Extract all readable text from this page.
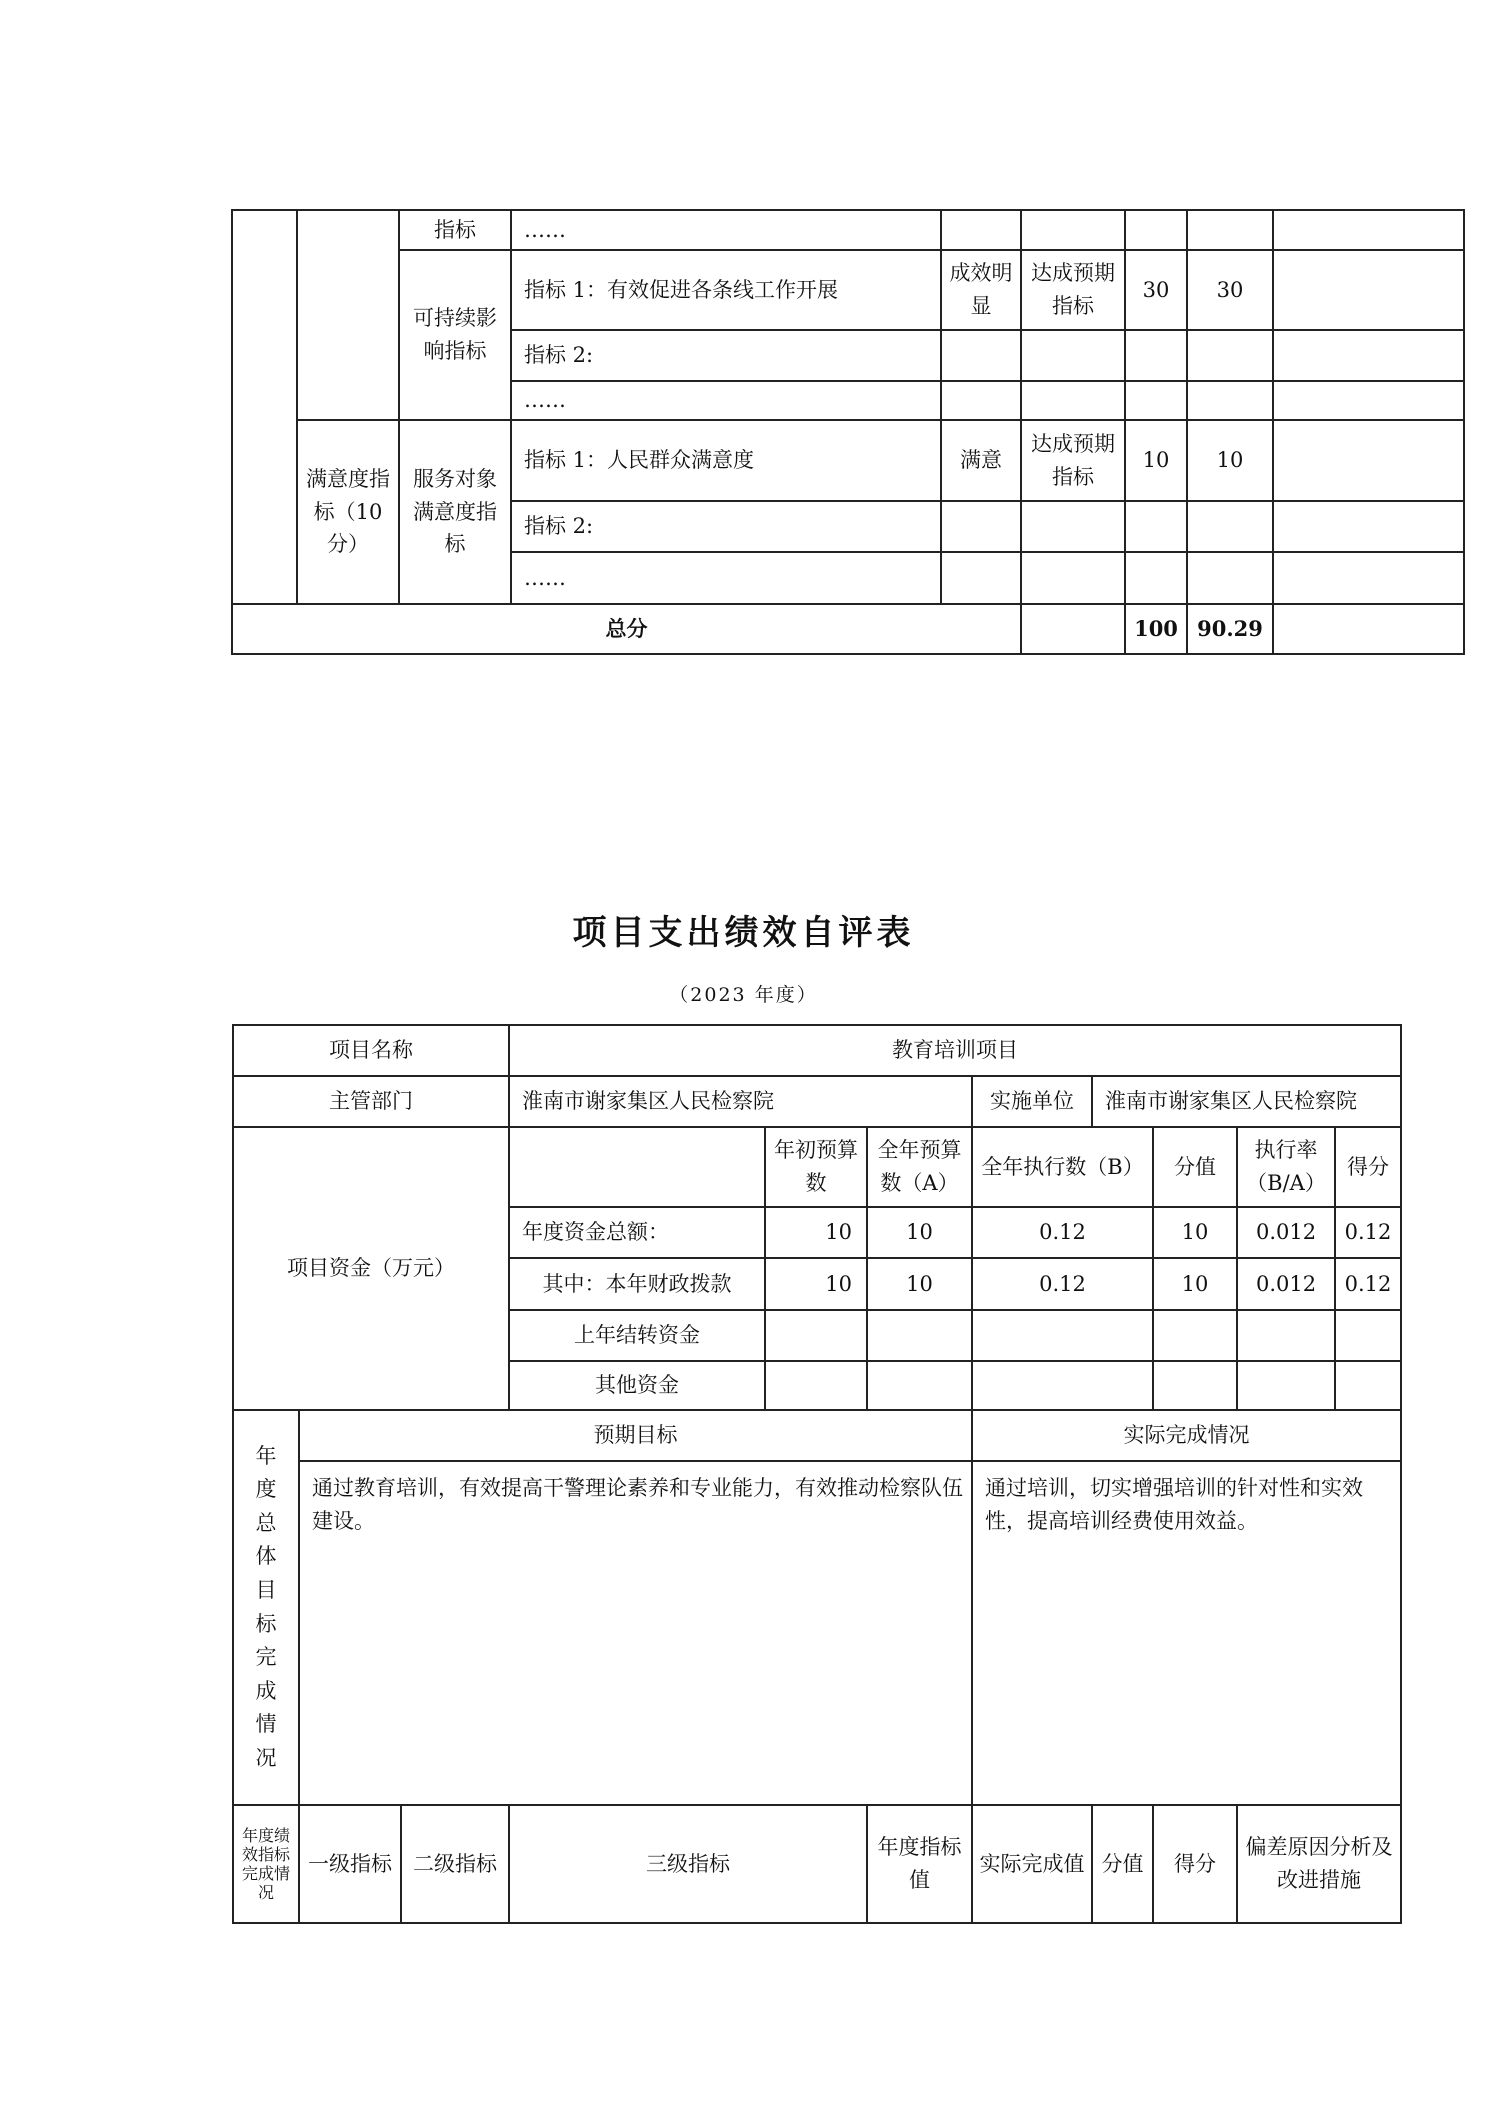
		指标	……					
		可持续影响指标	指标 1：有效促进各条线工作开展	成效明显	达成预期指标	30	30	
			指标 2:					
			……					
	满意度指标（10 分）	服务对象满意度指标	指标 1：人民群众满意度	满意	达成预期指标	10	10	
			指标 2:					
			……					
总分						100	90.29	
项目支出绩效自评表
（2023 年度）
项目名称			教育培训项目							
主管部门			淮南市谢家集区人民检察院			实施单位	淮南市谢家集区人民检察院			
项目资金（万元）				年初预算数	全年预算数（A）	全年执行数（B）		分值	执行率（B/A）	得分
			年度资金总额：	10	10	0.12		10	0.012	0.12
			其中：本年财政拨款	10	10	0.12		10	0.012	0.12
			上年结转资金							
			其他资金							
年度总体目标完成情况	预期目标					实际完成情况				
	通过教育培训，有效提高干警理论素养和专业能力，有效推动检察队伍建设。					通过培训，切实增强培训的针对性和实效性，提高培训经费使用效益。				
年度绩效指标完成情况	一级指标	二级指标	三级指标		年度指标值	实际完成值	分值	得分	偏差原因分析及改进措施	
